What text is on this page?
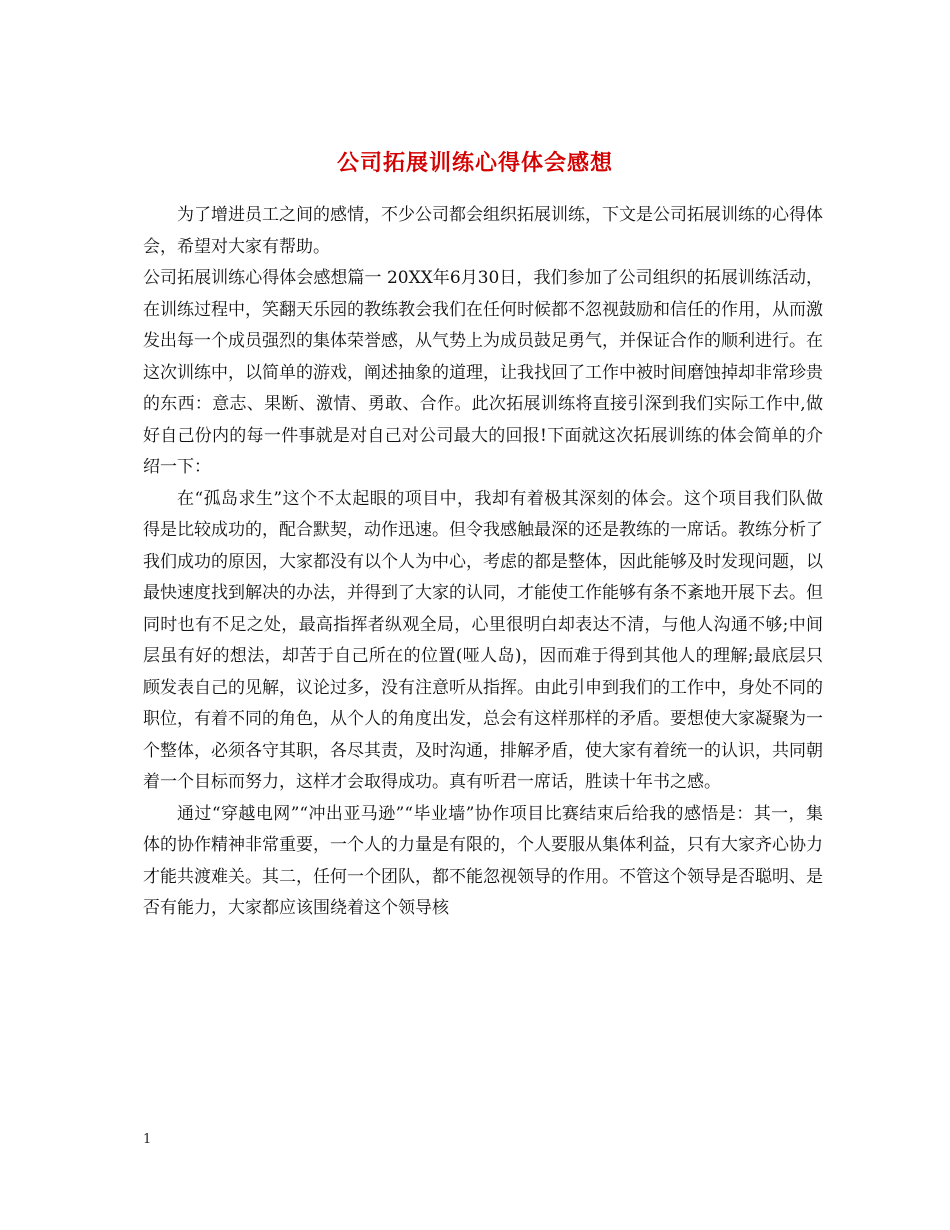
公司拓展训练心得体会感想

为了增进员工之间的感情，不少公司都会组织拓展训练，下文是公司拓展训练的心得体会，希望对大家有帮助。

公司拓展训练心得体会感想篇一 20XX年6月30日，我们参加了公司组织的拓展训练活动，在训练过程中，笑翻天乐园的教练教会我们在任何时候都不忽视鼓励和信任的作用，从而激发出每一个成员强烈的集体荣誉感，从气势上为成员鼓足勇气，并保证合作的顺利进行。在这次训练中，以简单的游戏，阐述抽象的道理，让我找回了工作中被时间磨蚀掉却非常珍贵的东西：意志、果断、激情、勇敢、合作。此次拓展训练将直接引深到我们实际工作中,做好自己份内的每一件事就是对自己对公司最大的回报!下面就这次拓展训练的体会简单的介绍一下：

在“孤岛求生”这个不太起眼的项目中，我却有着极其深刻的体会。这个项目我们队做得是比较成功的，配合默契，动作迅速。但令我感触最深的还是教练的一席话。教练分析了我们成功的原因，大家都没有以个人为中心，考虑的都是整体，因此能够及时发现问题，以最快速度找到解决的办法，并得到了大家的认同，才能使工作能够有条不紊地开展下去。但同时也有不足之处，最高指挥者纵观全局，心里很明白却表达不清，与他人沟通不够;中间层虽有好的想法，却苦于自己所在的位置(哑人岛)，因而难于得到其他人的理解;最底层只顾发表自己的见解，议论过多，没有注意听从指挥。由此引申到我们的工作中，身处不同的职位，有着不同的角色，从个人的角度出发，总会有这样那样的矛盾。要想使大家凝聚为一个整体，必须各守其职，各尽其责，及时沟通，排解矛盾，使大家有着统一的认识，共同朝着一个目标而努力，这样才会取得成功。真有听君一席话，胜读十年书之感。

通过“穿越电网”“冲出亚马逊”“毕业墙”协作项目比赛结束后给我的感悟是：其一，集体的协作精神非常重要，一个人的力量是有限的，个人要服从集体利益，只有大家齐心协力才能共渡难关。其二，任何一个团队，都不能忽视领导的作用。不管这个领导是否聪明、是否有能力，大家都应该围绕着这个领导核

1
